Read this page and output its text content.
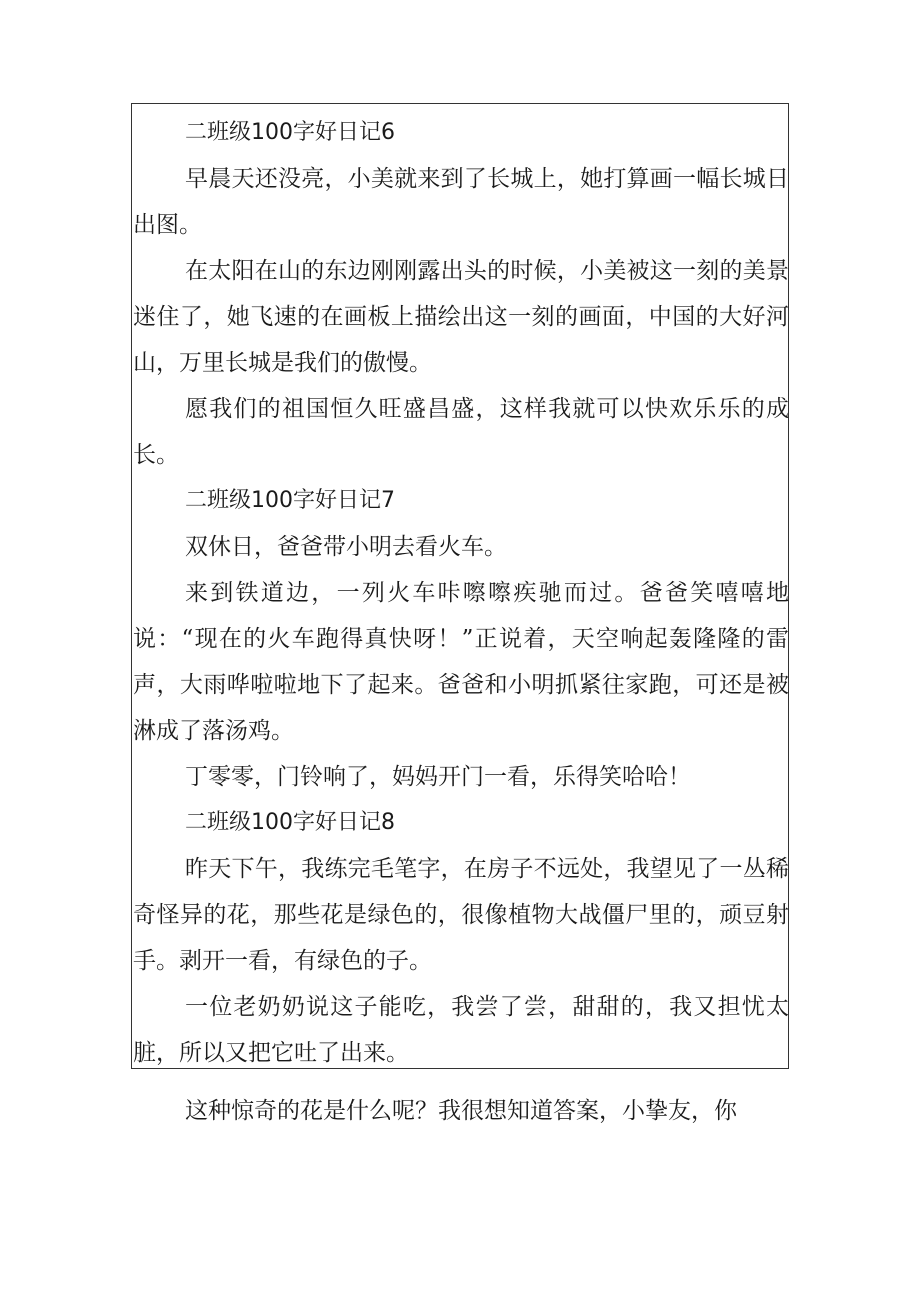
二班级100字好日记6

早晨天还没亮，小美就来到了长城上，她打算画一幅长城日出图。

在太阳在山的东边刚刚露出头的时候，小美被这一刻的美景迷住了，她飞速的在画板上描绘出这一刻的画面，中国的大好河山，万里长城是我们的傲慢。

愿我们的祖国恒久旺盛昌盛，这样我就可以快欢乐乐的成长。

二班级100字好日记7

双休日，爸爸带小明去看火车。

来到铁道边，一列火车咔嚓嚓疾驰而过。爸爸笑嘻嘻地说：“现在的火车跑得真快呀！”正说着，天空响起轰隆隆的雷声，大雨哗啦啦地下了起来。爸爸和小明抓紧往家跑，可还是被淋成了落汤鸡。

丁零零，门铃响了，妈妈开门一看，乐得笑哈哈！

二班级100字好日记8

昨天下午，我练完毛笔字，在房子不远处，我望见了一丛稀奇怪异的花，那些花是绿色的，很像植物大战僵尸里的，顽豆射手。剥开一看，有绿色的子。

一位老奶奶说这子能吃，我尝了尝，甜甜的，我又担忧太脏，所以又把它吐了出来。

这种惊奇的花是什么呢？我很想知道答案，小挚友，你
